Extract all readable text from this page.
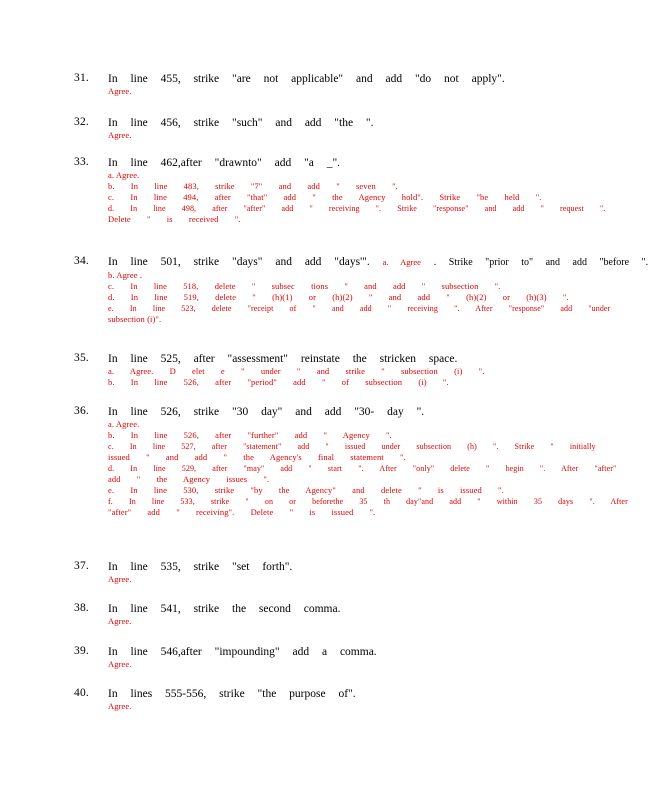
31. In line 455, strike "are not applicable" and add "do not apply".
Agree.
32. In line 456, strike "such" and add "the ".
Agree.
33. In line 462,after "drawnto" add "a _".
a. Agree.
b. In line 483, strike "7" and add " seven ".
c. In line 494, after "that" add " the Agency hold". Strike "be held ".
d. In line 498, after "after" add " receiving ". Strike "response" and add " request ".
Delete " is received ".
34. In line 501, strike "days" and add "days'". a. Agree . Strike "prior to" and add "before ".
b. Agree .
c. In line 518, delete " subsec tions " and add " subsection ".
d. In line 519, delete " (h)(1) or (h)(2) " and add " (h)(2) or (h)(3) ".
e. In line 523, delete "receipt of " and add " receiving ". After "response" add "under
subsection (i)".
35. In line 525, after "assessment" reinstate the stricken space.
a. Agree. D elet e " under " and strike " subsection (i) ".
b. In line 526, after "period" add " of subsection (i) ".
36. In line 526, strike "30 day" and add "30- day ".
a. Agree.
b. In line 526, after "further" add " Agency ".
c. In line 527, after "statement" add " issued under subsection (h) ". Strike " initially
issued " and add " the Agency's final statement ".
d. In line 529, after "may" add " start ". After "only" delete " begin ". After "after"
add " the Agency issues ".
e. In line 530, strike "by the Agency" and delete " is issued ".
f. In line 533, strike " on or beforethe 35 th day"and add " within 35 days ". After
"after" add " receiving". Delete " is issued ".
37. In line 535, strike "set forth".
Agree.
38. In line 541, strike the second comma.
Agree.
39. In line 546,after "impounding" add a comma.
Agree.
40. In lines 555-556, strike "the purpose of".
Agree.
